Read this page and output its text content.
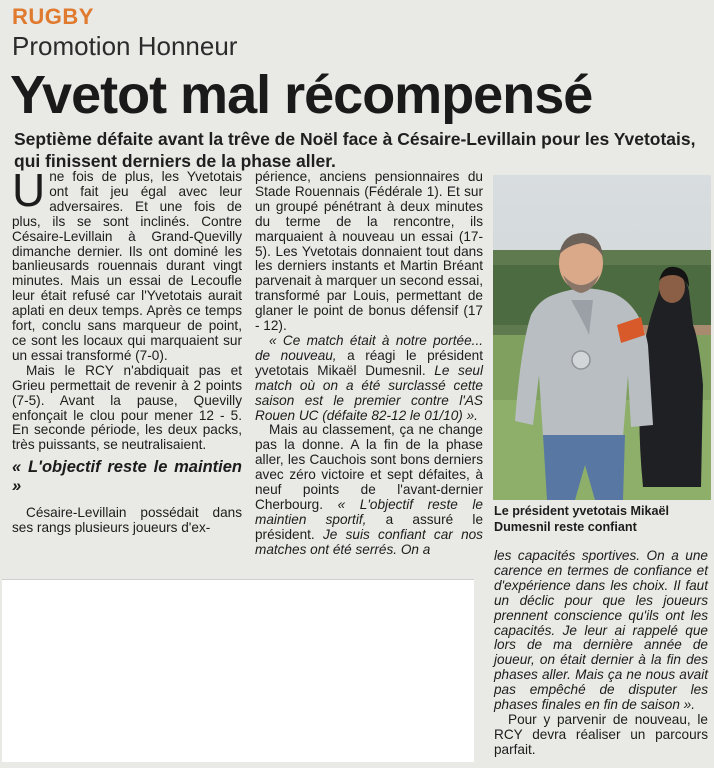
RUGBY
Promotion Honneur
Yvetot mal récompensé
Septième défaite avant la trêve de Noël face à Césaire-Levillain pour les Yvetotais, qui finissent derniers de la phase aller.

Une fois de plus, les Yvetotais ont fait jeu égal avec leur adversaires. Et une fois de plus, ils se sont inclinés. Contre Césaire-Levillain à Grand-Quevilly dimanche dernier. Ils ont dominé les banlieusards rouennais durant vingt minutes. Mais un essai de Lecoufle leur était refusé car l'Yvetotais aurait aplati en deux temps. Après ce temps fort, conclu sans marqueur de point, ce sont les locaux qui marquaient sur un essai transformé (7-0).

Mais le RCY n'abdiquait pas et Grieu permettait de revenir à 2 points (7-5). Avant la pause, Quevilly enfonçait le clou pour mener 12 - 5. En seconde période, les deux packs, très puissants, se neutralisaient.

« L'objectif reste le maintien »

Césaire-Levillain possédait dans ses rangs plusieurs joueurs d'ex-

périence, anciens pensionnaires du Stade Rouennais (Fédérale 1). Et sur un groupé pénétrant à deux minutes du terme de la rencontre, ils marquaient à nouveau un essai (17-5). Les Yvetotais donnaient tout dans les derniers instants et Martin Bréant parvenait à marquer un second essai, transformé par Louis, permettant de glaner le point de bonus défensif (17 - 12).

« Ce match était à notre portée... de nouveau, a réagi le président yvetotais Mikaël Dumesnil. Le seul match où on a été surclassé cette saison est le premier contre l'AS Rouen UC (défaite 82-12 le 01/10) ».

Mais au classement, ça ne change pas la donne. A la fin de la phase aller, les Cauchois sont bons derniers avec zéro victoire et sept défaites, à neuf points de l'avant-dernier Cherbourg. « L'objectif reste le maintien sportif, a assuré le président. Je suis confiant car nos matches ont été serrés. On a

Le président yvetotais Mikaël Dumesnil reste confiant

les capacités sportives. On a une carence en termes de confiance et d'expérience dans les choix. Il faut un déclic pour que les joueurs prennent conscience qu'ils ont les capacités. Je leur ai rappelé que lors de ma dernière année de joueur, on était dernier à la fin des phases aller. Mais ça ne nous avait pas empêché de disputer les phases finales en fin de saison ».

Pour y parvenir de nouveau, le RCY devra réaliser un parcours parfait.
